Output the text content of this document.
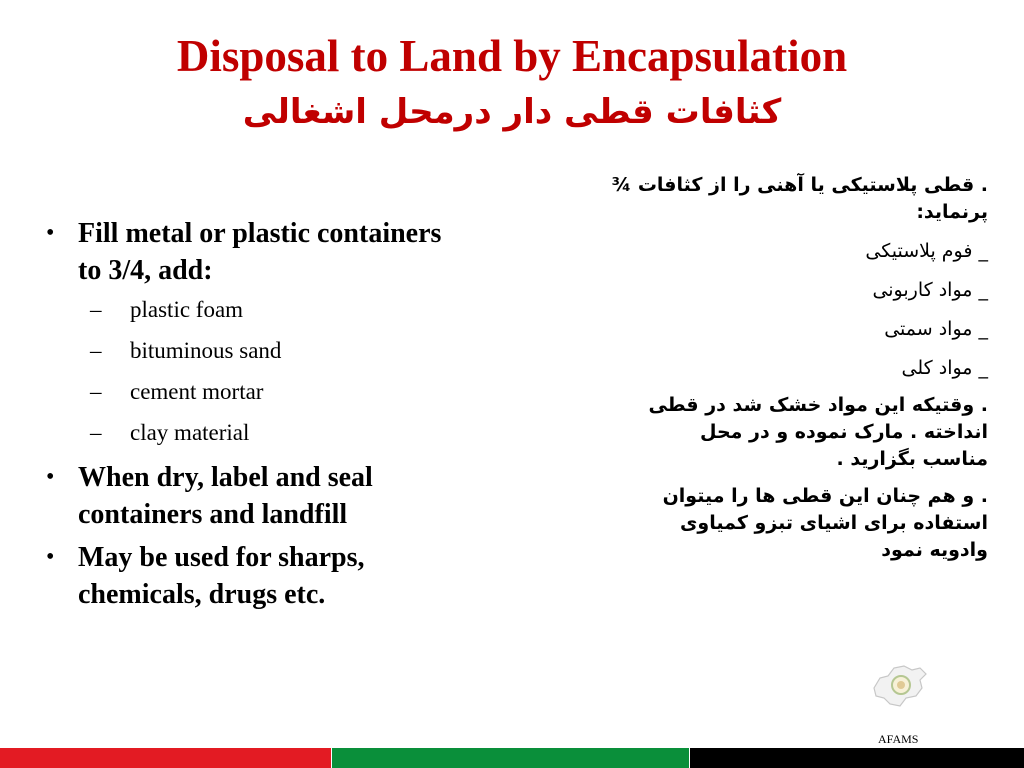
Disposal to Land by Encapsulation
كثافات قطی دار درمحل اشغالی
• Fill metal or plastic containers to 3/4, add:
– plastic foam
– bituminous sand
– cement mortar
– clay material
• When dry, label and seal containers and landfill
• May be used for sharps, chemicals, drugs etc.
. قطی پلاستیکی یا آهنی را از کثافات ¾
پرنماید:
_ فوم پلاستیکی
_ مواد کاربونی
_ مواد سمتی
_ مواد کلی
. وقتیکه این مواد خشک شد در قطی
انداخته . مارک نموده و در محل
مناسب بگزارید .
. و هم چنان این قطی ها را میتوان
استفاده برای اشیای تبزو کمیاوی
وادویه نمود
AFAMS
